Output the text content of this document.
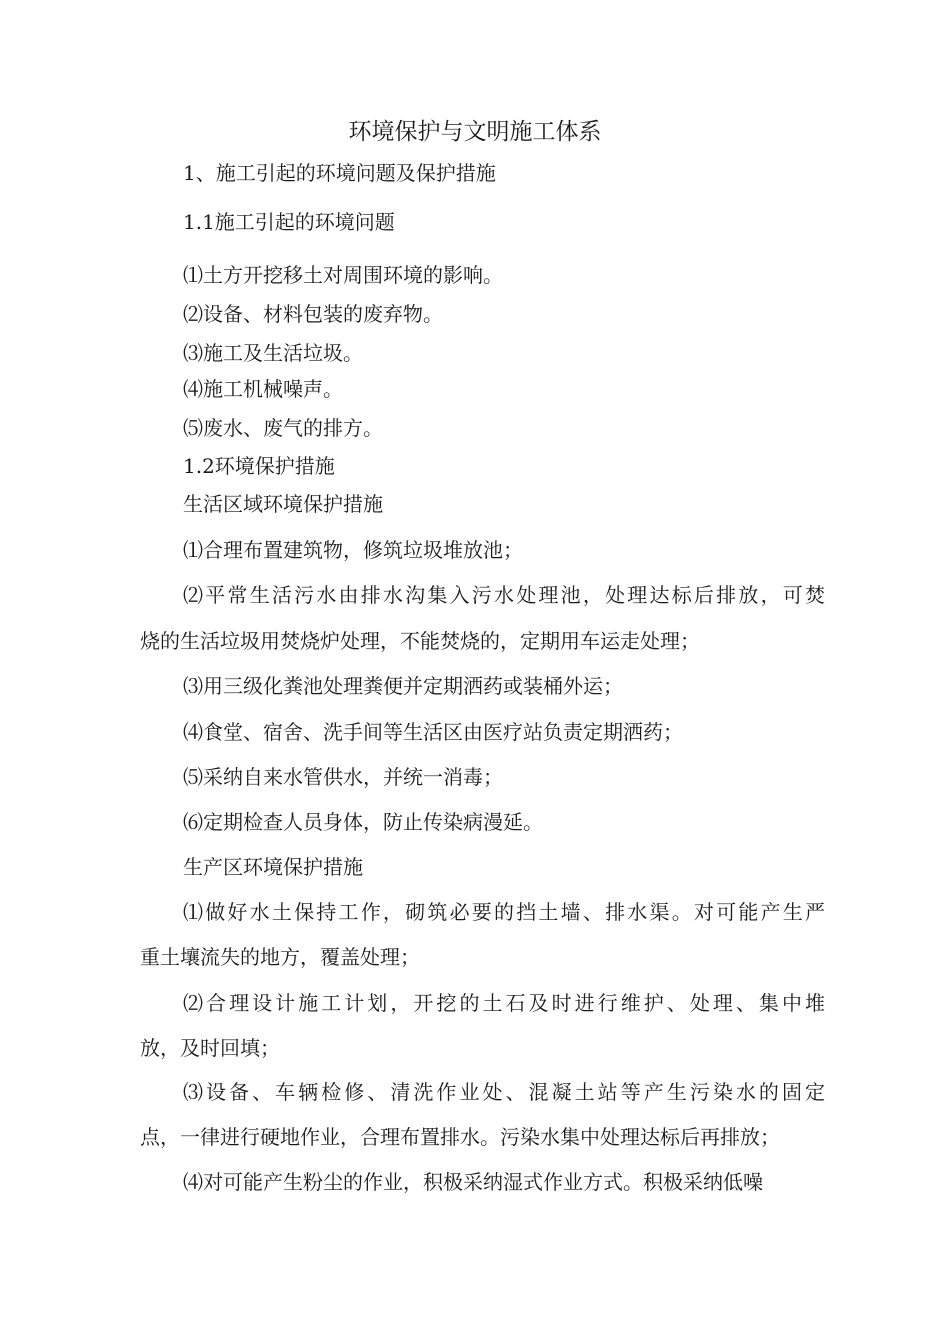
环境保护与文明施工体系
1、施工引起的环境问题及保护措施
1.1施工引起的环境问题
⑴土方开挖移土对周围环境的影响。
⑵设备、材料包装的废弃物。
⑶施工及生活垃圾。
⑷施工机械噪声。
⑸废水、废气的排方。
1.2环境保护措施
生活区域环境保护措施
⑴合理布置建筑物，修筑垃圾堆放池；
⑵平常生活污水由排水沟集入污水处理池，处理达标后排放，可焚
烧的生活垃圾用焚烧炉处理，不能焚烧的，定期用车运走处理；
⑶用三级化粪池处理粪便并定期洒药或装桶外运；
⑷食堂、宿舍、洗手间等生活区由医疗站负责定期洒药；
⑸采纳自来水管供水，并统一消毒；
⑹定期检查人员身体，防止传染病漫延。
生产区环境保护措施
⑴做好水土保持工作，砌筑必要的挡土墙、排水渠。对可能产生严
重土壤流失的地方，覆盖处理；
⑵合理设计施工计划，开挖的土石及时进行维护、处理、集中堆
放，及时回填；
⑶设备、车辆检修、清洗作业处、混凝土站等产生污染水的固定
点，一律进行硬地作业，合理布置排水。污染水集中处理达标后再排放；
⑷对可能产生粉尘的作业，积极采纳湿式作业方式。积极采纳低噪
